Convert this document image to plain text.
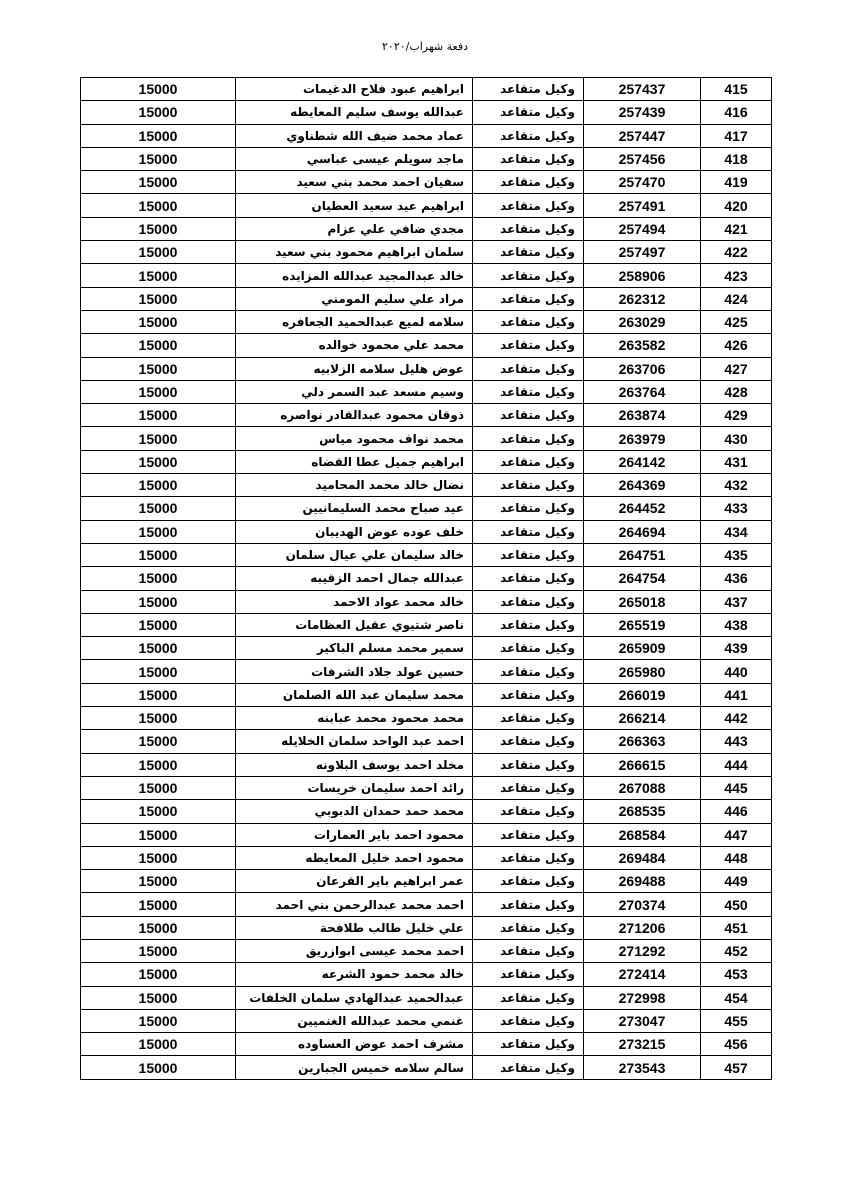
دفعة شهراب/٢٠٢٠
415	257437	وكيل متقاعد	ابراهيم عبود فلاح الدغيمات	15000
416	257439	وكيل متقاعد	عبدالله يوسف سليم المعايطه	15000
417	257447	وكيل متقاعد	عماد محمد ضيف الله شطناوي	15000
418	257456	وكيل متقاعد	ماجد سويلم عيسى عباسي	15000
419	257470	وكيل متقاعد	سفيان احمد محمد بني سعيد	15000
420	257491	وكيل متقاعد	ابراهيم عيد سعيد العطيان	15000
421	257494	وكيل متقاعد	مجدي ضافي علي عزام	15000
422	257497	وكيل متقاعد	سلمان ابراهيم محمود بني سعيد	15000
423	258906	وكيل متقاعد	خالد عبدالمجيد عبدالله المزايده	15000
424	262312	وكيل متقاعد	مراد علي سليم المومني	15000
425	263029	وكيل متقاعد	سلامه لميع عبدالحميد الجعافره	15000
426	263582	وكيل متقاعد	محمد علي محمود خوالده	15000
427	263706	وكيل متقاعد	عوض هليل سلامه الزلابيه	15000
428	263764	وكيل متقاعد	وسيم مسعد عبد السمر دلي	15000
429	263874	وكيل متقاعد	ذوقان محمود عبدالقادر نواصره	15000
430	263979	وكيل متقاعد	محمد نواف محمود مياس	15000
431	264142	وكيل متقاعد	ابراهيم جميل عطا القضاه	15000
432	264369	وكيل متقاعد	نضال خالد محمد المحاميد	15000
433	264452	وكيل متقاعد	عيد صباح محمد السليمانيين	15000
434	264694	وكيل متقاعد	خلف عوده عوض الهديبان	15000
435	264751	وكيل متقاعد	خالد سليمان علي عيال سلمان	15000
436	264754	وكيل متقاعد	عبدالله جمال احمد الزقيبه	15000
437	265018	وكيل متقاعد	خالد محمد عواد الاحمد	15000
438	265519	وكيل متقاعد	ناصر شتيوي عقيل العظامات	15000
439	265909	وكيل متقاعد	سمير محمد مسلم الباكير	15000
440	265980	وكيل متقاعد	حسين عولد جلاد الشرفات	15000
441	266019	وكيل متقاعد	محمد سليمان عبد الله الصلمان	15000
442	266214	وكيل متقاعد	محمد محمود محمد عبابنه	15000
443	266363	وكيل متقاعد	احمد عبد الواحد سلمان الخلايله	15000
444	266615	وكيل متقاعد	مخلد احمد يوسف البلاونه	15000
445	267088	وكيل متقاعد	رائد احمد سليمان خريسات	15000
446	268535	وكيل متقاعد	محمد حمد حمدان الدبوبي	15000
447	268584	وكيل متقاعد	محمود احمد باير العمارات	15000
448	269484	وكيل متقاعد	محمود احمد خليل المعايطه	15000
449	269488	وكيل متقاعد	عمر ابراهيم باير القرعان	15000
450	270374	وكيل متقاعد	احمد محمد عبدالرحمن بني احمد	15000
451	271206	وكيل متقاعد	علي خليل طالب طلافحة	15000
452	271292	وكيل متقاعد	احمد محمد عيسى ابوازريق	15000
453	272414	وكيل متقاعد	خالد محمد حمود الشرعه	15000
454	272998	وكيل متقاعد	عبدالحميد عبدالهادي سلمان الخلفات	15000
455	273047	وكيل متقاعد	غنمي محمد عبدالله الغنميين	15000
456	273215	وكيل متقاعد	مشرف احمد عوض العساوده	15000
457	273543	وكيل متقاعد	سالم سلامه خميس الجبارين	15000
